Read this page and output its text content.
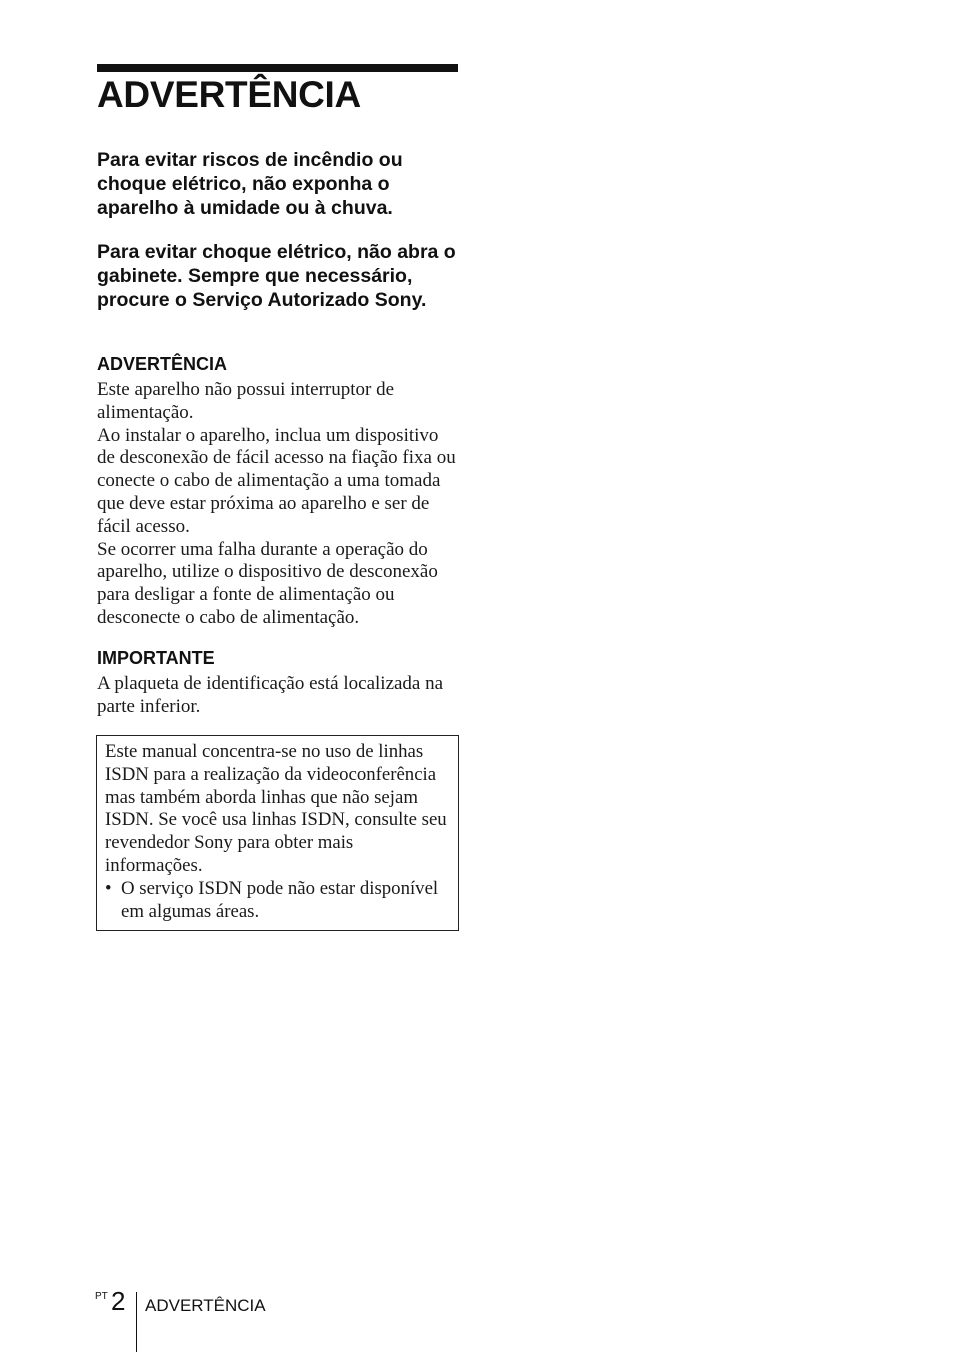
ADVERTÊNCIA

Para evitar riscos de incêndio ou choque elétrico, não exponha o aparelho à umidade ou à chuva.

Para evitar choque elétrico, não abra o gabinete. Sempre que necessário, procure o Serviço Autorizado Sony.

ADVERTÊNCIA

Este aparelho não possui interruptor de alimentação.

Ao instalar o aparelho, inclua um dispositivo de desconexão de fácil acesso na fiação fixa ou conecte o cabo de alimentação a uma tomada que deve estar próxima ao aparelho e ser de fácil acesso.

Se ocorrer uma falha durante a operação do aparelho, utilize o dispositivo de desconexão para desligar a fonte de alimentação ou desconecte o cabo de alimentação.

IMPORTANTE

A plaqueta de identificação está localizada na parte inferior.

Este manual concentra-se no uso de linhas ISDN para a realização da videoconferência mas também aborda linhas que não sejam ISDN. Se você usa linhas ISDN, consulte seu revendedor Sony para obter mais informações.

• O serviço ISDN pode não estar disponível em algumas áreas.
PT 2 ADVERTÊNCIA
